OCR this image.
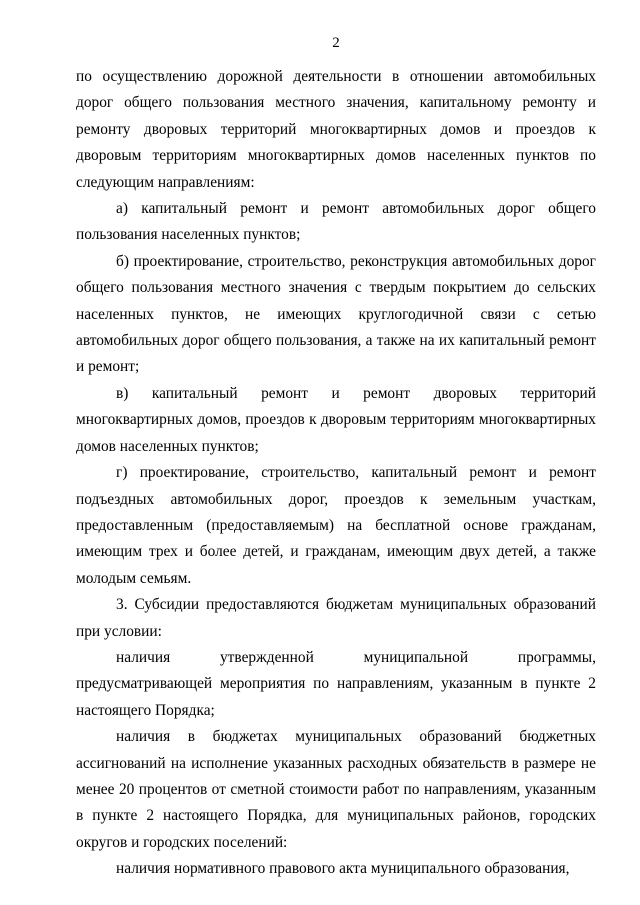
2

по осуществлению дорожной деятельности в отношении автомобильных дорог общего пользования местного значения, капитальному ремонту и ремонту дворовых территорий многоквартирных домов и проездов к дворовым территориям многоквартирных домов населенных пунктов по следующим направлениям:

а) капитальный ремонт и ремонт автомобильных дорог общего пользования населенных пунктов;

б) проектирование, строительство, реконструкция автомобильных дорог общего пользования местного значения с твердым покрытием до сельских населенных пунктов, не имеющих круглогодичной связи с сетью автомобильных дорог общего пользования, а также на их капитальный ремонт и ремонт;

в) капитальный ремонт и ремонт дворовых территорий многоквартирных домов, проездов к дворовым территориям многоквартирных домов населенных пунктов;

г) проектирование, строительство, капитальный ремонт и ремонт подъездных автомобильных дорог, проездов к земельным участкам, предоставленным (предоставляемым) на бесплатной основе гражданам, имеющим трех и более детей, и гражданам, имеющим двух детей, а также молодым семьям.

3. Субсидии предоставляются бюджетам муниципальных образований при условии:

наличия утвержденной муниципальной программы, предусматривающей мероприятия по направлениям, указанным в пункте 2 настоящего Порядка;

наличия в бюджетах муниципальных образований бюджетных ассигнований на исполнение указанных расходных обязательств в размере не менее 20 процентов от сметной стоимости работ по направлениям, указанным в пункте 2 настоящего Порядка, для муниципальных районов, городских округов и городских поселений:

наличия нормативного правового акта муниципального образования,
